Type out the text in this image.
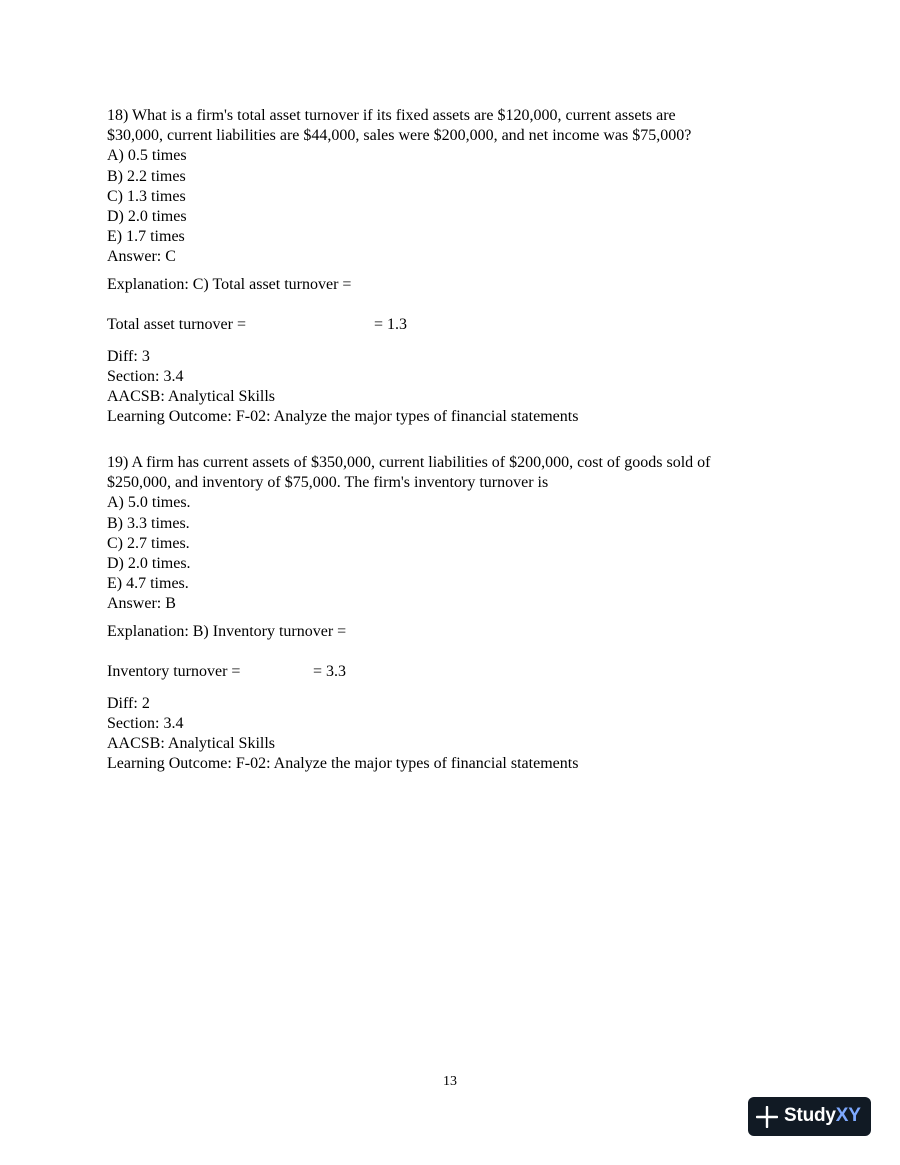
18) What is a firm's total asset turnover if its fixed assets are $120,000, current assets are
$30,000, current liabilities are $44,000, sales were $200,000, and net income was $75,000?
A) 0.5 times
B) 2.2 times
C) 1.3 times
D) 2.0 times
E) 1.7 times
Answer: C
Explanation: C) Total asset turnover =
Total asset turnover =	= 1.3
Diff: 3
Section: 3.4
AACSB: Analytical Skills
Learning Outcome: F-02: Analyze the major types of financial statements
19) A firm has current assets of $350,000, current liabilities of $200,000, cost of goods sold of
$250,000, and inventory of $75,000. The firm's inventory turnover is
A) 5.0 times.
B) 3.3 times.
C) 2.7 times.
D) 2.0 times.
E) 4.7 times.
Answer: B
Explanation: B) Inventory turnover =
Inventory turnover =	= 3.3
Diff: 2
Section: 3.4
AACSB: Analytical Skills
Learning Outcome: F-02: Analyze the major types of financial statements
13
StudyXY
